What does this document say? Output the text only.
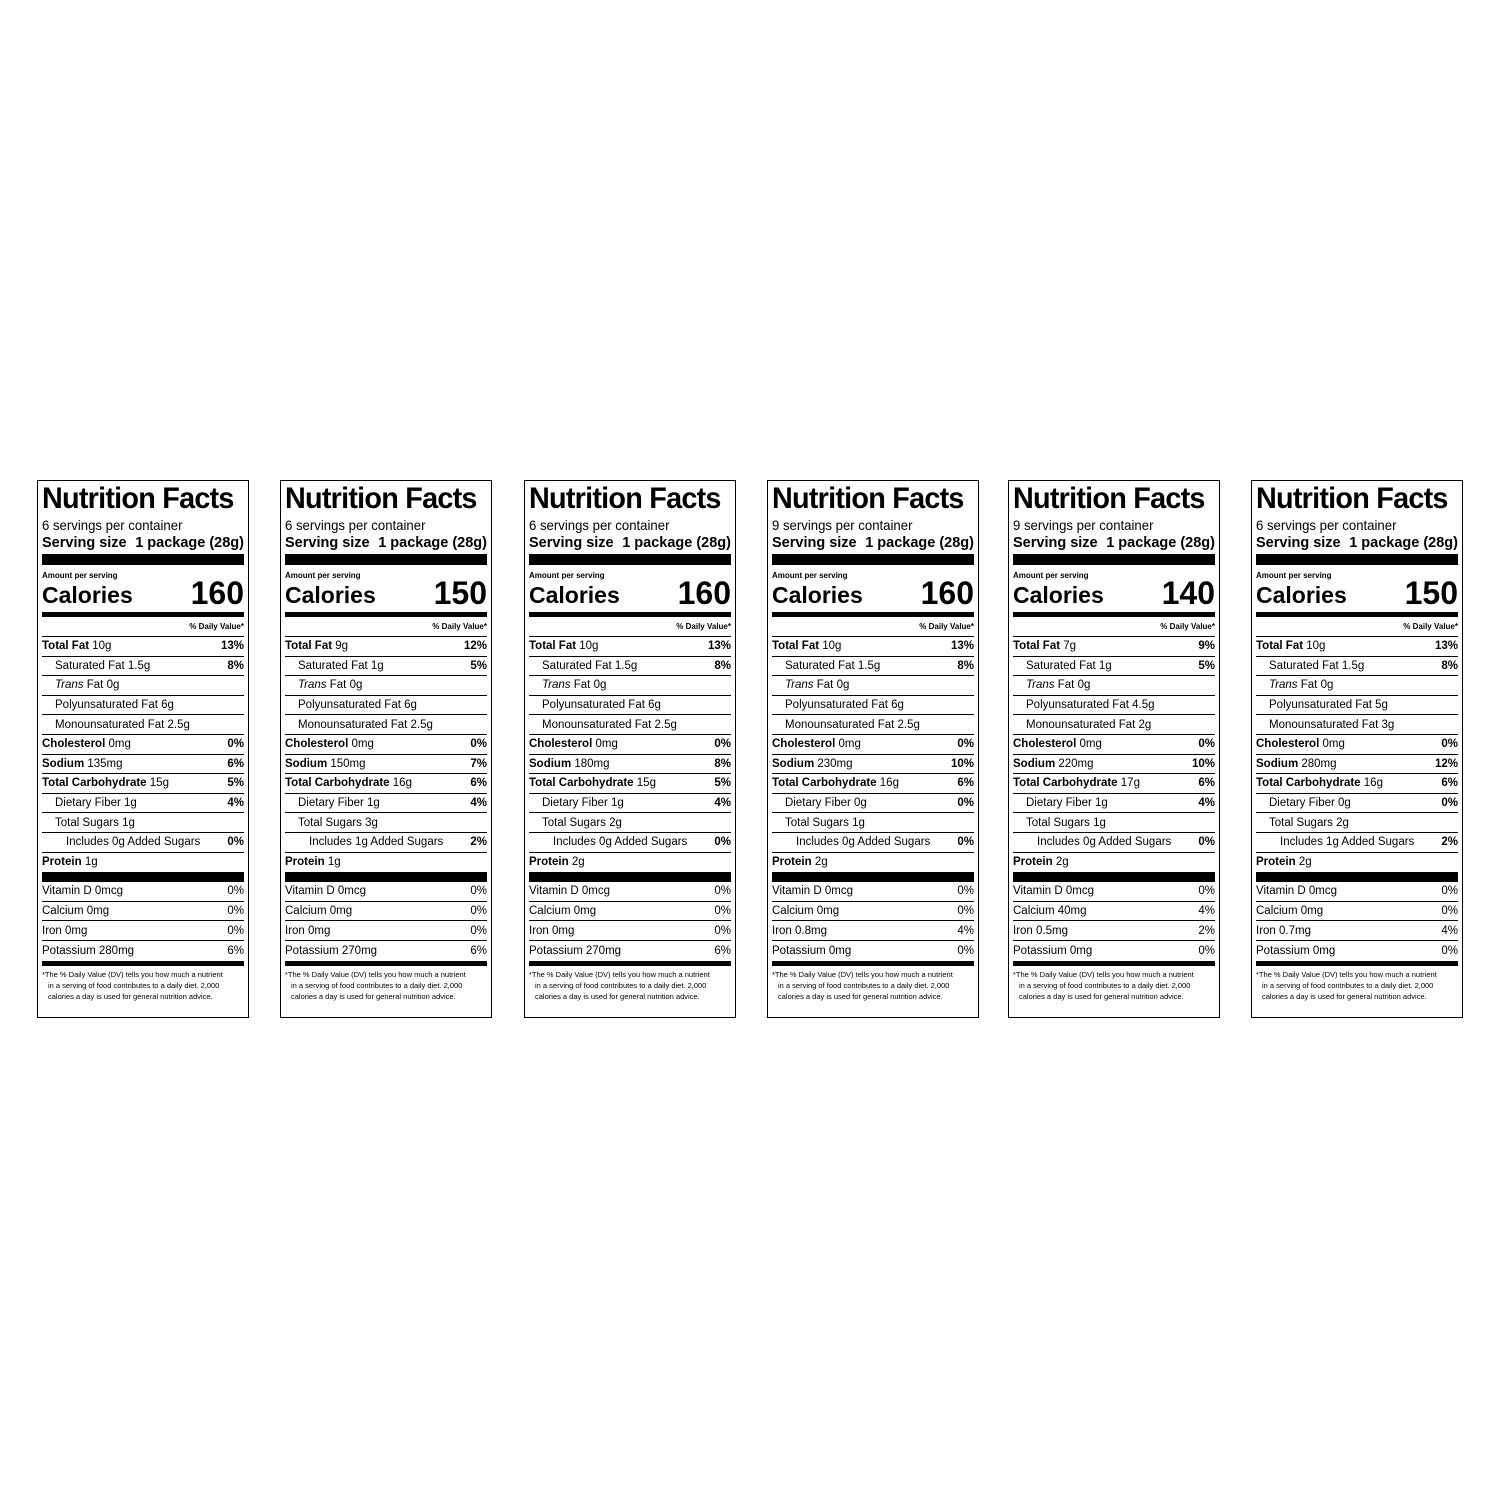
Nutrition Facts
6 servings per container
Serving size 1 package (28g)
Amount per serving
Calories 160
% Daily Value*
Total Fat 10g	13%
Saturated Fat 1.5g	8%
Trans Fat 0g
Polyunsaturated Fat 6g
Monounsaturated Fat 2.5g
Cholesterol 0mg	0%
Sodium 135mg	6%
Total Carbohydrate 15g	5%
Dietary Fiber 1g	4%
Total Sugars 1g
Includes 0g Added Sugars 0%
Protein 1g
Vitamin D 0mcg	0%
Calcium 0mg	0%
Iron 0mg	0%
Potassium 280mg	6%
*The % Daily Value (DV) tells you how much a nutrient
in a serving of food contributes to a daily diet. 2,000
calories a day is used for general nutrition advice.
Nutrition Facts
6 servings per container
Serving size 1 package (28g)
Amount per serving
Calories 150
% Daily Value*
Total Fat 9g	12%
Saturated Fat 1g	5%
Trans Fat 0g
Polyunsaturated Fat 6g
Monounsaturated Fat 2.5g
Cholesterol 0mg	0%
Sodium 150mg	7%
Total Carbohydrate 16g	6%
Dietary Fiber 1g	4%
Total Sugars 3g
Includes 1g Added Sugars 2%
Protein 1g
Vitamin D 0mcg	0%
Calcium 0mg	0%
Iron 0mg	0%
Potassium 270mg	6%
*The % Daily Value (DV) tells you how much a nutrient
in a serving of food contributes to a daily diet. 2,000
calories a day is used for general nutrition advice.
Nutrition Facts
6 servings per container
Serving size 1 package (28g)
Amount per serving
Calories 160
% Daily Value*
Total Fat 10g	13%
Saturated Fat 1.5g	8%
Trans Fat 0g
Polyunsaturated Fat 6g
Monounsaturated Fat 2.5g
Cholesterol 0mg	0%
Sodium 180mg	8%
Total Carbohydrate 15g	5%
Dietary Fiber 1g	4%
Total Sugars 2g
Includes 0g Added Sugars 0%
Protein 2g
Vitamin D 0mcg	0%
Calcium 0mg	0%
Iron 0mg	0%
Potassium 270mg	6%
*The % Daily Value (DV) tells you how much a nutrient
in a serving of food contributes to a daily diet. 2,000
calories a day is used for general nutrition advice.
Nutrition Facts
9 servings per container
Serving size 1 package (28g)
Amount per serving
Calories 160
% Daily Value*
Total Fat 10g	13%
Saturated Fat 1.5g	8%
Trans Fat 0g
Polyunsaturated Fat 6g
Monounsaturated Fat 2.5g
Cholesterol 0mg	0%
Sodium 230mg	10%
Total Carbohydrate 16g	6%
Dietary Fiber 0g	0%
Total Sugars 1g
Includes 0g Added Sugars 0%
Protein 2g
Vitamin D 0mcg	0%
Calcium 0mg	0%
Iron 0.8mg	4%
Potassium 0mg	0%
*The % Daily Value (DV) tells you how much a nutrient
in a serving of food contributes to a daily diet. 2,000
calories a day is used for general nutrition advice.
Nutrition Facts
9 servings per container
Serving size 1 package (28g)
Amount per serving
Calories 140
% Daily Value*
Total Fat 7g	9%
Saturated Fat 1g	5%
Trans Fat 0g
Polyunsaturated Fat 4.5g
Monounsaturated Fat 2g
Cholesterol 0mg	0%
Sodium 220mg	10%
Total Carbohydrate 17g	6%
Dietary Fiber 1g	4%
Total Sugars 1g
Includes 0g Added Sugars 0%
Protein 2g
Vitamin D 0mcg	0%
Calcium 40mg	4%
Iron 0.5mg	2%
Potassium 0mg	0%
*The % Daily Value (DV) tells you how much a nutrient
in a serving of food contributes to a daily diet. 2,000
calories a day is used for general nutrition advice.
Nutrition Facts
6 servings per container
Serving size 1 package (28g)
Amount per serving
Calories 150
% Daily Value*
Total Fat 10g	13%
Saturated Fat 1.5g	8%
Trans Fat 0g
Polyunsaturated Fat 5g
Monounsaturated Fat 3g
Cholesterol 0mg	0%
Sodium 280mg	12%
Total Carbohydrate 16g	6%
Dietary Fiber 0g	0%
Total Sugars 2g
Includes 1g Added Sugars 2%
Protein 2g
Vitamin D 0mcg	0%
Calcium 0mg	0%
Iron 0.7mg	4%
Potassium 0mg	0%
*The % Daily Value (DV) tells you how much a nutrient
in a serving of food contributes to a daily diet. 2,000
calories a day is used for general nutrition advice.
